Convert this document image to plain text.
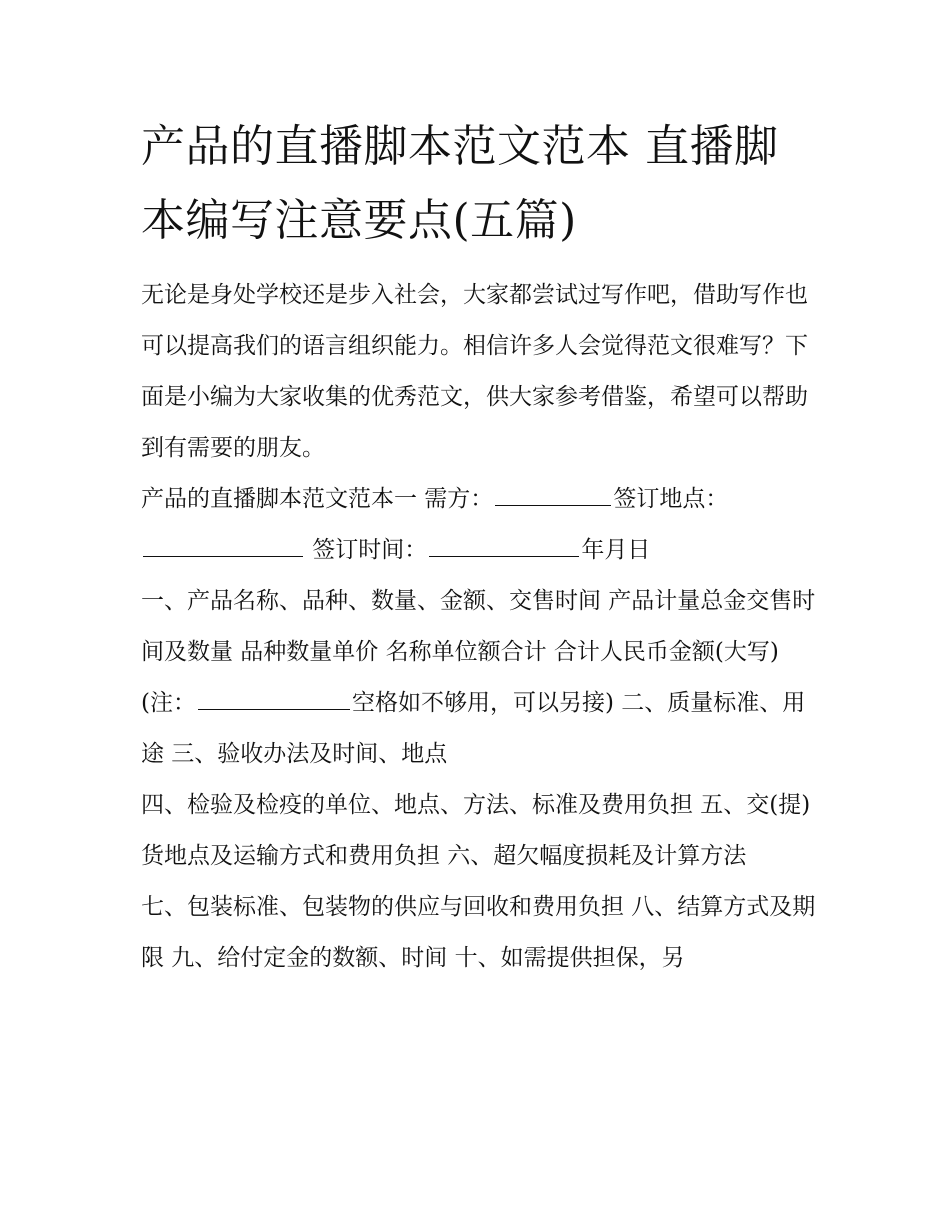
产品的直播脚本范文范本 直播脚本编写注意要点(五篇)

无论是身处学校还是步入社会，大家都尝试过写作吧，借助写作也可以提高我们的语言组织能力。相信许多人会觉得范文很难写？下面是小编为大家收集的优秀范文，供大家参考借鉴，希望可以帮助到有需要的朋友。

产品的直播脚本范文范本一 需方：	签订地点： 签订时间：	年月日

一、产品名称、品种、数量、金额、交售时间 产品计量总金交售时间及数量 品种数量单价 名称单位额合计 合计人民币金额(大写)

(注：	空格如不够用，可以另接) 二、质量标准、用途 三、验收办法及时间、地点

四、检验及检疫的单位、地点、方法、标准及费用负担 五、交(提)货地点及运输方式和费用负担 六、超欠幅度损耗及计算方法

七、包装标准、包装物的供应与回收和费用负担 八、结算方式及期限 九、给付定金的数额、时间 十、如需提供担保，另
